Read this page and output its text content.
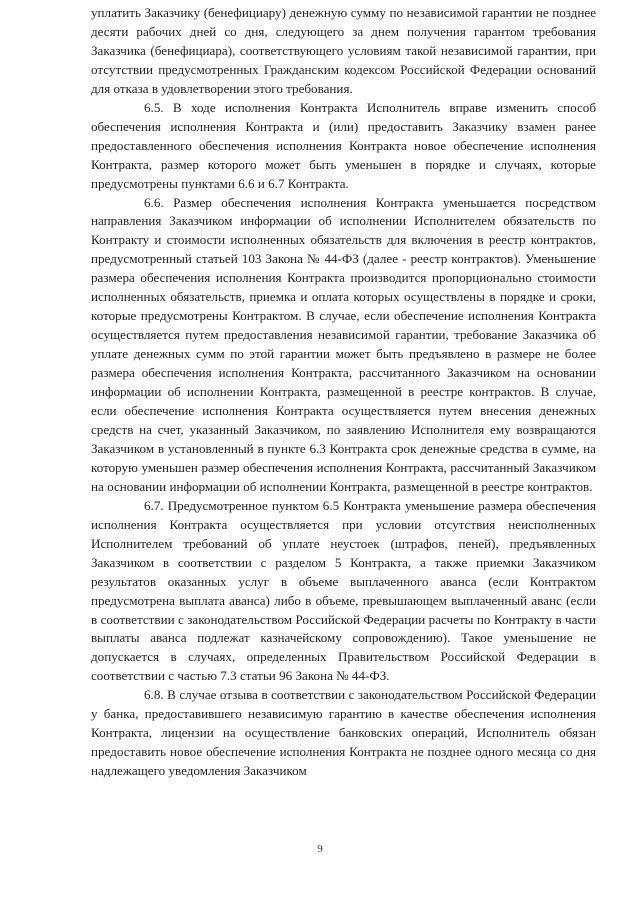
уплатить Заказчику (бенефициару) денежную сумму по независимой гарантии не позднее десяти рабочих дней со дня, следующего за днем получения гарантом требования Заказчика (бенефициара), соответствующего условиям такой независимой гарантии, при отсутствии предусмотренных Гражданским кодексом Российской Федерации оснований для отказа в удовлетворении этого требования.

6.5. В ходе исполнения Контракта Исполнитель вправе изменить способ обеспечения исполнения Контракта и (или) предоставить Заказчику взамен ранее предоставленного обеспечения исполнения Контракта новое обеспечение исполнения Контракта, размер которого может быть уменьшен в порядке и случаях, которые предусмотрены пунктами 6.6 и 6.7 Контракта.

6.6. Размер обеспечения исполнения Контракта уменьшается посредством направления Заказчиком информации об исполнении Исполнителем обязательств по Контракту и стоимости исполненных обязательств для включения в реестр контрактов, предусмотренный статьей 103 Закона № 44-ФЗ (далее - реестр контрактов). Уменьшение размера обеспечения исполнения Контракта производится пропорционально стоимости исполненных обязательств, приемка и оплата которых осуществлены в порядке и сроки, которые предусмотрены Контрактом. В случае, если обеспечение исполнения Контракта осуществляется путем предоставления независимой гарантии, требование Заказчика об уплате денежных сумм по этой гарантии может быть предъявлено в размере не более размера обеспечения исполнения Контракта, рассчитанного Заказчиком на основании информации об исполнении Контракта, размещенной в реестре контрактов. В случае, если обеспечение исполнения Контракта осуществляется путем внесения денежных средств на счет, указанный Заказчиком, по заявлению Исполнителя ему возвращаются Заказчиком в установленный в пункте 6.3 Контракта срок денежные средства в сумме, на которую уменьшен размер обеспечения исполнения Контракта, рассчитанный Заказчиком на основании информации об исполнении Контракта, размещенной в реестре контрактов.

6.7. Предусмотренное пунктом 6.5 Контракта уменьшение размера обеспечения исполнения Контракта осуществляется при условии отсутствия неисполненных Исполнителем требований об уплате неустоек (штрафов, пеней), предъявленных Заказчиком в соответствии с разделом 5 Контракта, а также приемки Заказчиком результатов оказанных услуг в объеме выплаченного аванса (если Контрактом предусмотрена выплата аванса) либо в объеме, превышающем выплаченный аванс (если в соответствии с законодательством Российской Федерации расчеты по Контракту в части выплаты аванса подлежат казначейскому сопровождению). Такое уменьшение не допускается в случаях, определенных Правительством Российской Федерации в соответствии с частью 7.3 статьи 96 Закона № 44-ФЗ.

6.8. В случае отзыва в соответствии с законодательством Российской Федерации у банка, предоставившего независимую гарантию в качестве обеспечения исполнения Контракта, лицензии на осуществление банковских операций, Исполнитель обязан предоставить новое обеспечение исполнения Контракта не позднее одного месяца со дня надлежащего уведомления Заказчиком

9
